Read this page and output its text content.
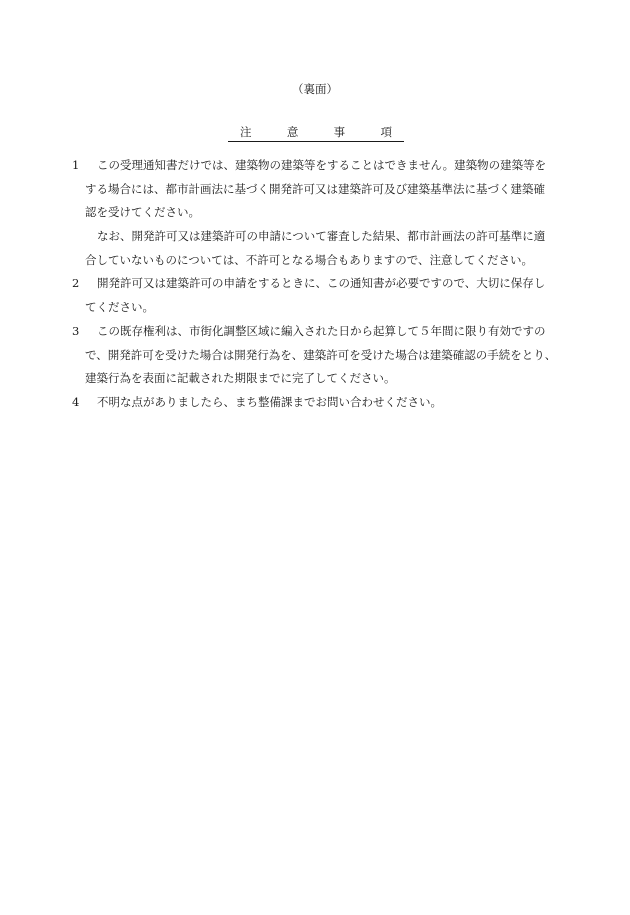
（裏面）
注	意	事	項
1 この受理通知書だけでは、建築物の建築等をすることはできません。建築物の建築等を
する場合には、都市計画法に基づく開発許可又は建築許可及び建築基準法に基づく建築確
認を受けてください。
なお、開発許可又は建築許可の申請について審査した結果、都市計画法の許可基準に適
合していないものについては、不許可となる場合もありますので、注意してください。
2 開発許可又は建築許可の申請をするときに、この通知書が必要ですので、大切に保存し
てください。
3 この既存権利は、市街化調整区域に編入された日から起算して５年間に限り有効ですの
で、開発許可を受けた場合は開発行為を、建築許可を受けた場合は建築確認の手続をとり、
建築行為を表面に記載された期限までに完了してください。
4 不明な点がありましたら、まち整備課までお問い合わせください。
